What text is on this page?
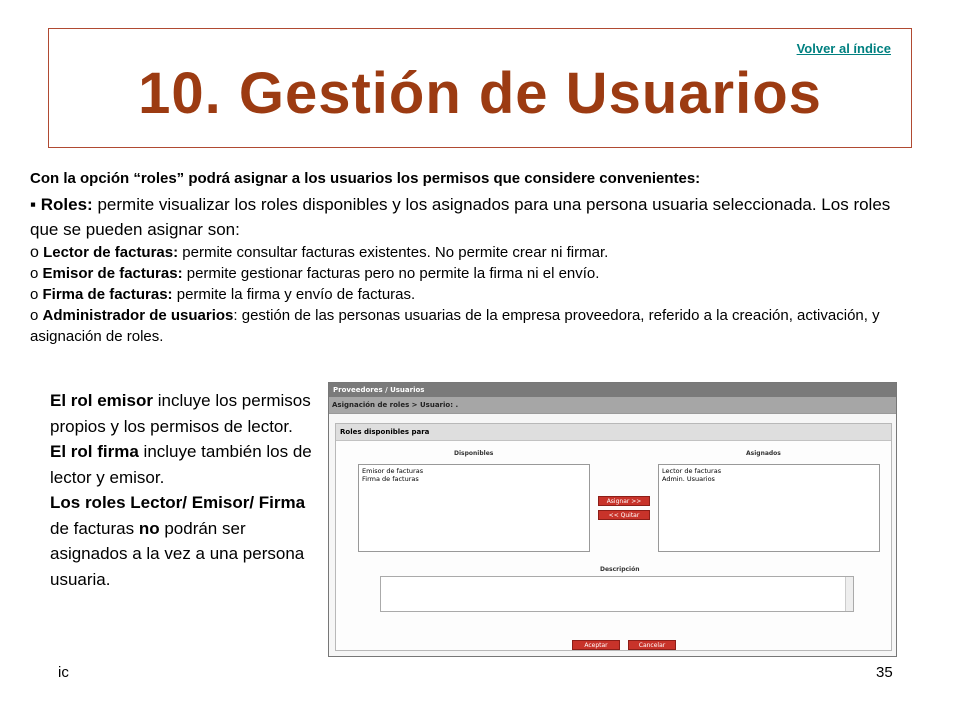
Volver al índice
10. Gestión de Usuarios

Con la opción “roles” podrá asignar a los usuarios los permisos que considere convenientes:

▪ Roles: permite visualizar los roles disponibles y los asignados para una persona usuaria seleccionada. Los roles que se pueden asignar son:

o Lector de facturas: permite consultar facturas existentes. No permite crear ni firmar.

o Emisor de facturas: permite gestionar facturas pero no permite la firma ni el envío.

o Firma de facturas: permite la firma y envío de facturas.

o Administrador de usuarios: gestión de las personas usuarias de la empresa proveedora, referido a la creación, activación, y asignación de roles.

El rol emisor incluye los permisos propios y los permisos de lector.
El rol firma incluye también los de lector y emisor.
Los roles Lector/ Emisor/ Firma de facturas no podrán ser asignados a la vez a una persona usuaria.
Proveedores / Usuarios
Asignación de roles > Usuario: .
Roles disponibles para
Disponibles	Asignados
Emisor de facturas
Firma de facturas
Lector de facturas
Admin. Usuarios
Asignar >>
<< Quitar
Descripción
Aceptar	Cancelar
ic	35
